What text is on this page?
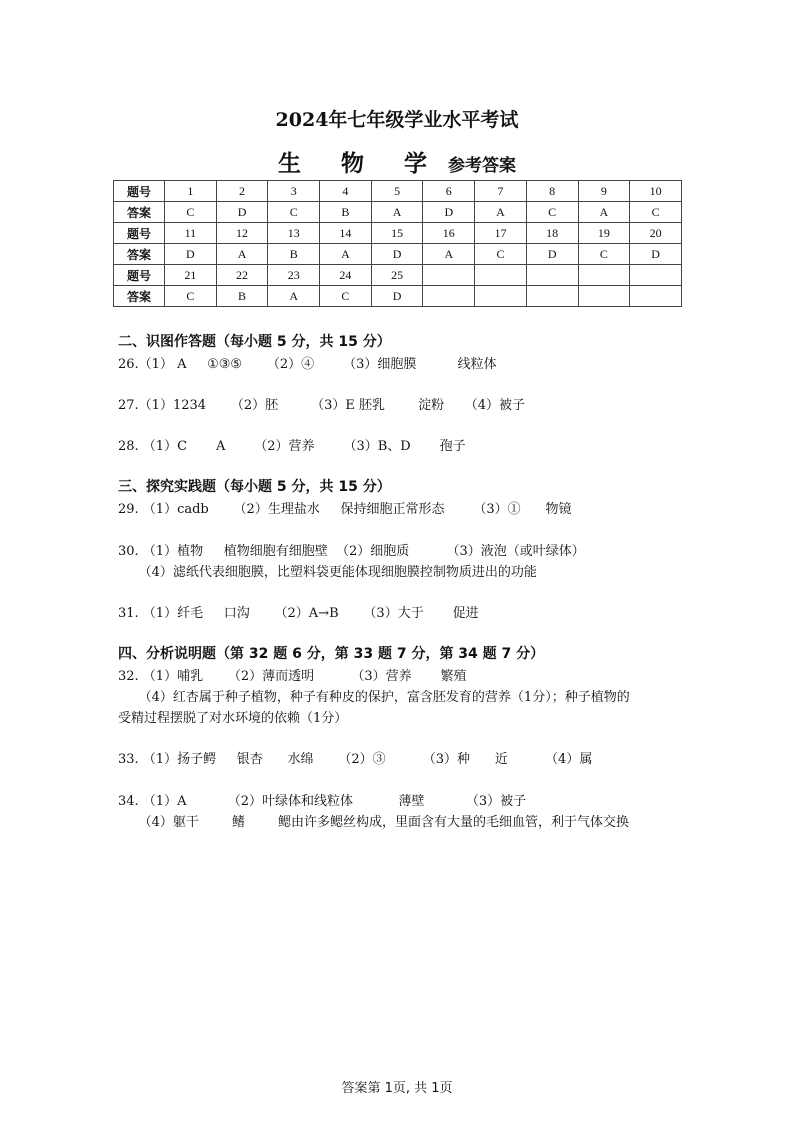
2024年七年级学业水平考试
生 物 学 参考答案
题号	1	2	3	4	5	6	7	8	9	10
答案	C	D	C	B	A	D	A	C	A	C
题号	11	12	13	14	15	16	17	18	19	20
答案	D	A	B	A	D	A	C	D	C	D
题号	21	22	23	24	25					
答案	C	B	A	C	D					
二、识图作答题（每小题 5 分，共 15 分）
26.（1） A     ①③⑤      （2）④       （3）细胞膜          线粒体
27.（1）1234      （2）胚        （3）E 胚乳        淀粉     （4）被子
28. （1）C       A       （2）营养       （3）B、D       孢子
三、探究实践题（每小题 5 分，共 15 分）
29. （1）cadb      （2）生理盐水     保持细胞正常形态       （3）①      物镜
30. （1）植物     植物细胞有细胞壁  （2）细胞质         （3）液泡（或叶绿体）
（4）滤纸代表细胞膜，比塑料袋更能体现细胞膜控制物质进出的功能
31. （1）纤毛     口沟      （2）A→B      （3）大于       促进
四、分析说明题（第 32 题 6 分，第 33 题 7 分，第 34 题 7 分）
32. （1）哺乳      （2）薄而透明         （3）营养       繁殖
（4）红杏属于种子植物，种子有种皮的保护，富含胚发育的营养（1分）；种子植物的
受精过程摆脱了对水环境的依赖（1分）
33. （1）扬子鳄     银杏      水绵      （2）③         （3）种      近         （4）属
34. （1）A          （2）叶绿体和线粒体           薄壁          （3）被子
（4）躯干        鳍        鳃由许多鳃丝构成，里面含有大量的毛细血管，利于气体交换
答案第 1页, 共 1页
